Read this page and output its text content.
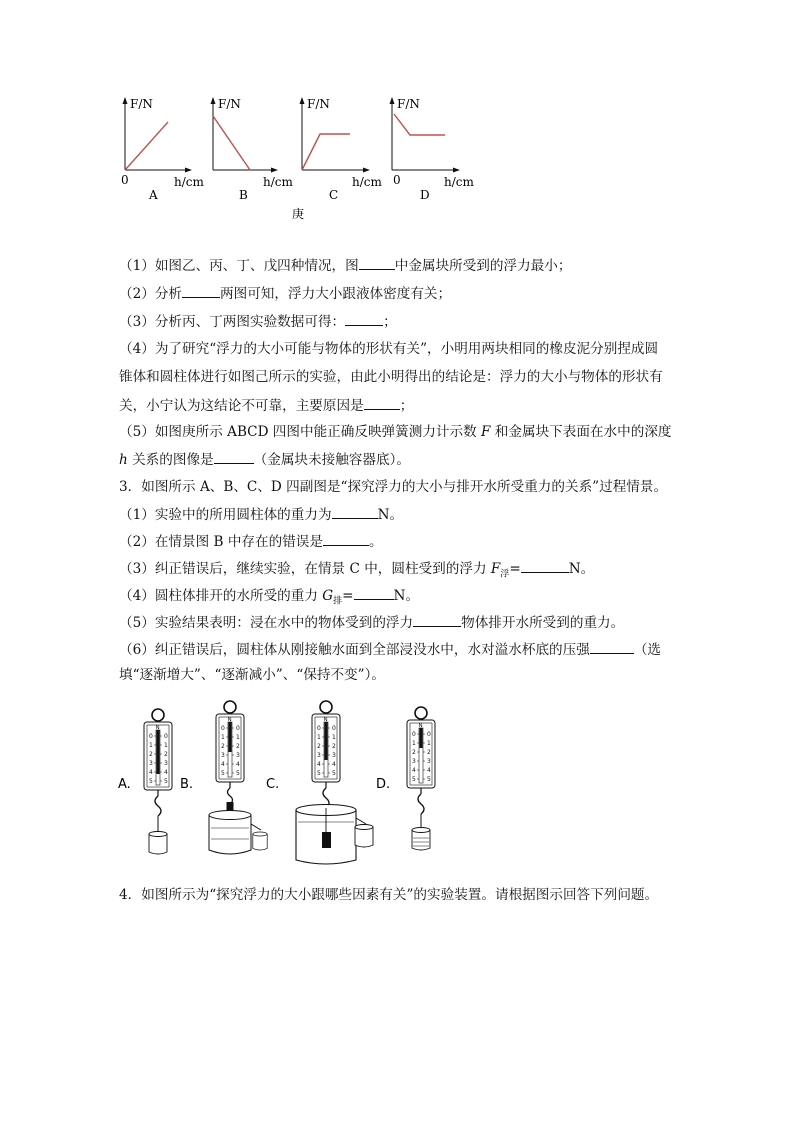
F/N
0	h/cm
A
F/N
h/cm
B
F/N
h/cm
C
F/N
0	h/cm
D
庚
（1）如图乙、丙、丁、戊四种情况，图	中金属块所受到的浮力最小；
（2）分析	两图可知，浮力大小跟液体密度有关；
（3）分析丙、丁两图实验数据可得：	；
（4）为了研究“浮力的大小可能与物体的形状有关”，小明用两块相同的橡皮泥分别捏成圆
锥体和圆柱体进行如图己所示的实验，由此小明得出的结论是：浮力的大小与物体的形状有
关，小宁认为这结论不可靠，主要原因是	；
（5）如图庚所示 ABCD 四图中能正确反映弹簧测力计示数 F 和金属块下表面在水中的深度
h 关系的图像是	（金属块未接触容器底）。
3．如图所示 A、B、C、D 四副图是“探究浮力的大小与排开水所受重力的关系”过程情景。
（1）实验中的所用圆柱体的重力为	N。
（2）在情景图 B 中存在的错误是	。
（3）纠正错误后，继续实验，在情景 C 中，圆柱受到的浮力 $F_浮=$	N。
（4）圆柱体排开的水所受的重力 $G_排=$	N。
（5）实验结果表明：浸在水中的物体受到的浮力	物体排开水所受到的重力。
（6）纠正错误后，圆柱体从刚接触水面到全部浸没水中，水对溢水杯底的压强	（选
填“逐渐增大”、“逐渐减小”、“保持不变”）。
0	0
1	1
2	2
3	3
4	4
5	5
N
A.	B.	C.	D.
4．如图所示为“探究浮力的大小跟哪些因素有关”的实验装置。请根据图示回答下列问题。
